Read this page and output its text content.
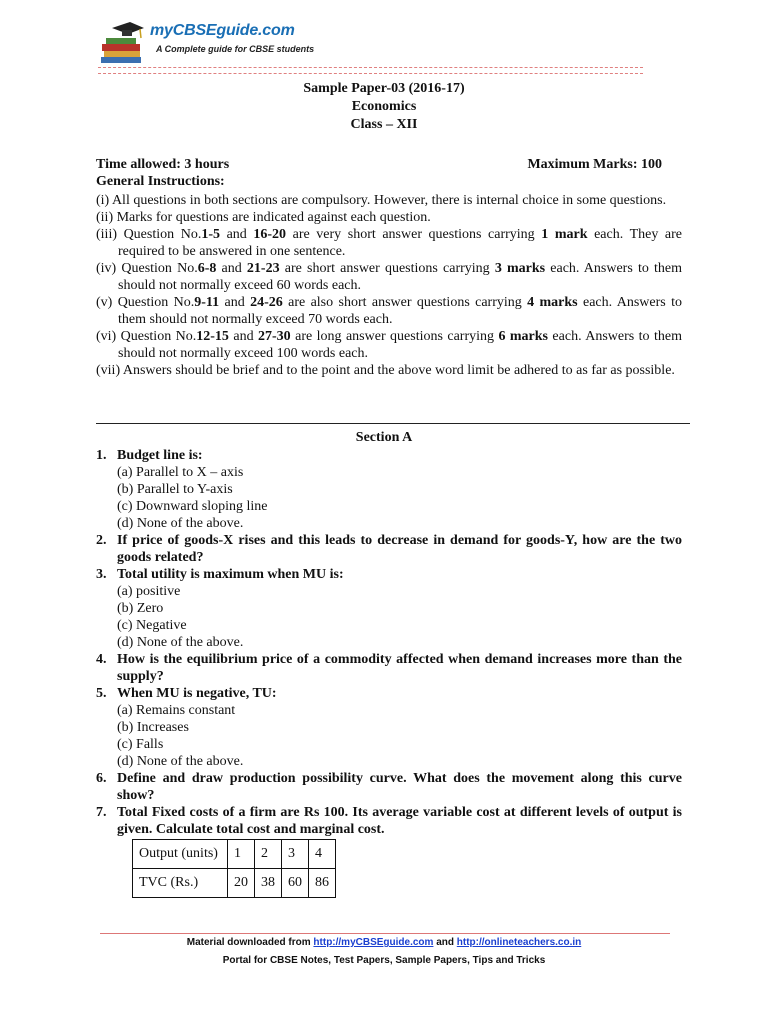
myCBSEguide.com
A Complete guide for CBSE students
Sample Paper-03 (2016-17)
Economics
Class – XII
Time allowed: 3 hours	Maximum Marks: 100
General Instructions:

(i) All questions in both sections are compulsory. However, there is internal choice in some questions.

(ii) Marks for questions are indicated against each question.

(iii) Question No.1-5 and 16-20 are very short answer questions carrying 1 mark each. They are required to be answered in one sentence.

(iv) Question No.6-8 and 21-23 are short answer questions carrying 3 marks each. Answers to them should not normally exceed 60 words each.

(v) Question No.9-11 and 24-26 are also short answer questions carrying 4 marks each. Answers to them should not normally exceed 70 words each.

(vi) Question No.12-15 and 27-30 are long answer questions carrying 6 marks each. Answers to them should not normally exceed 100 words each.

(vii) Answers should be brief and to the point and the above word limit be adhered to as far as possible.

Section A
1. Budget line is:
(a) Parallel to X – axis
(b) Parallel to Y-axis
(c) Downward sloping line
(d) None of the above.
2. If price of goods-X rises and this leads to decrease in demand for goods-Y, how are the two goods related?
3. Total utility is maximum when MU is:
(a) positive
(b) Zero
(c) Negative
(d) None of the above.
4. How is the equilibrium price of a commodity affected when demand increases more than the supply?
5. When MU is negative, TU:
(a) Remains constant
(b) Increases
(c) Falls
(d) None of the above.
6. Define and draw production possibility curve. What does the movement along this curve show?
7. Total Fixed costs of a firm are Rs 100. Its average variable cost at different levels of output is given. Calculate total cost and marginal cost.
Output (units)	1	2	3	4
TVC (Rs.)	20	38	60	86
Material downloaded from http://myCBSEguide.com and http://onlineteachers.co.in
Portal for CBSE Notes, Test Papers, Sample Papers, Tips and Tricks
